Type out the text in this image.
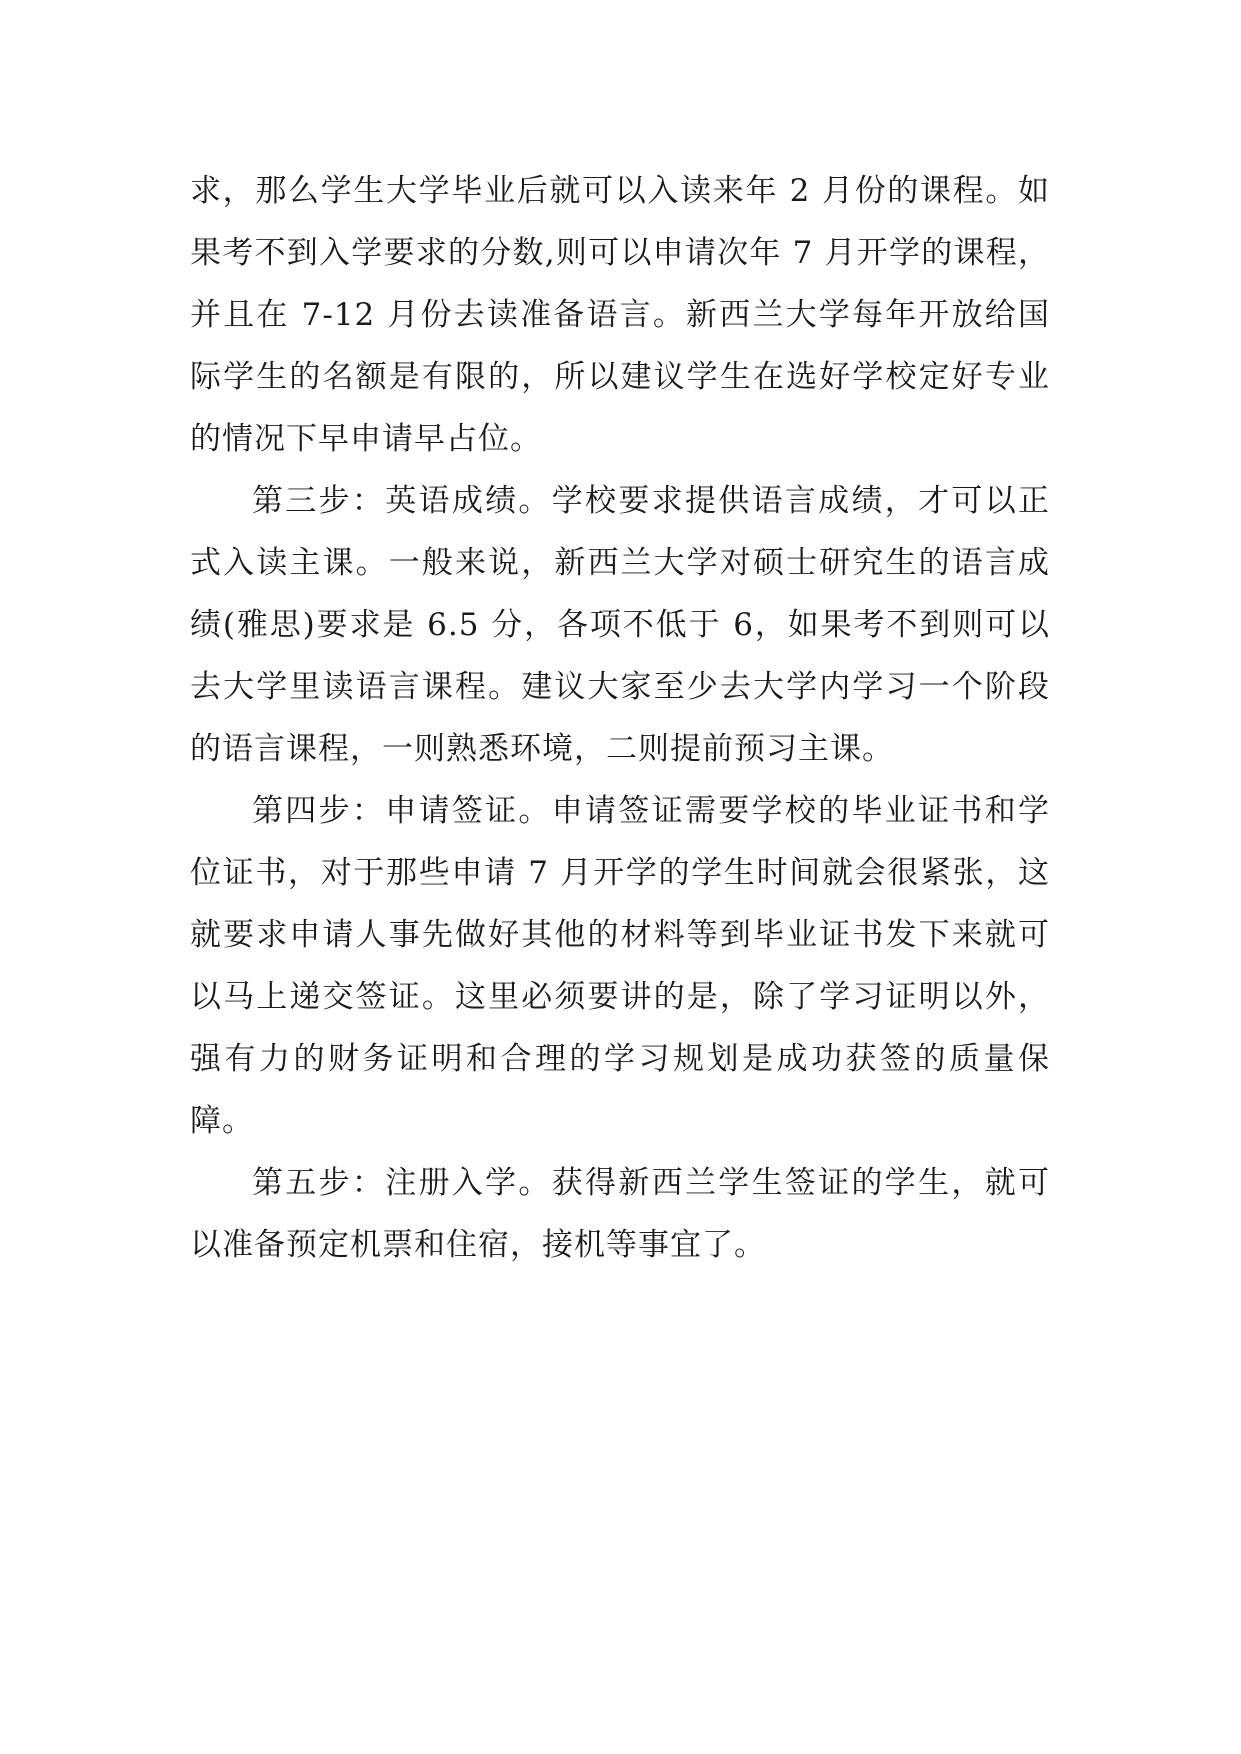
求，那么学生大学毕业后就可以入读来年 2 月份的课程。如果考不到入学要求的分数,则可以申请次年 7 月开学的课程，并且在 7-12 月份去读准备语言。新西兰大学每年开放给国际学生的名额是有限的，所以建议学生在选好学校定好专业的情况下早申请早占位。

第三步：英语成绩。学校要求提供语言成绩，才可以正式入读主课。一般来说，新西兰大学对硕士研究生的语言成绩(雅思)要求是 6.5 分，各项不低于 6，如果考不到则可以去大学里读语言课程。建议大家至少去大学内学习一个阶段的语言课程，一则熟悉环境，二则提前预习主课。

第四步：申请签证。申请签证需要学校的毕业证书和学位证书，对于那些申请 7 月开学的学生时间就会很紧张，这就要求申请人事先做好其他的材料等到毕业证书发下来就可以马上递交签证。这里必须要讲的是，除了学习证明以外，强有力的财务证明和合理的学习规划是成功获签的质量保障。

第五步：注册入学。获得新西兰学生签证的学生，就可以准备预定机票和住宿，接机等事宜了。
